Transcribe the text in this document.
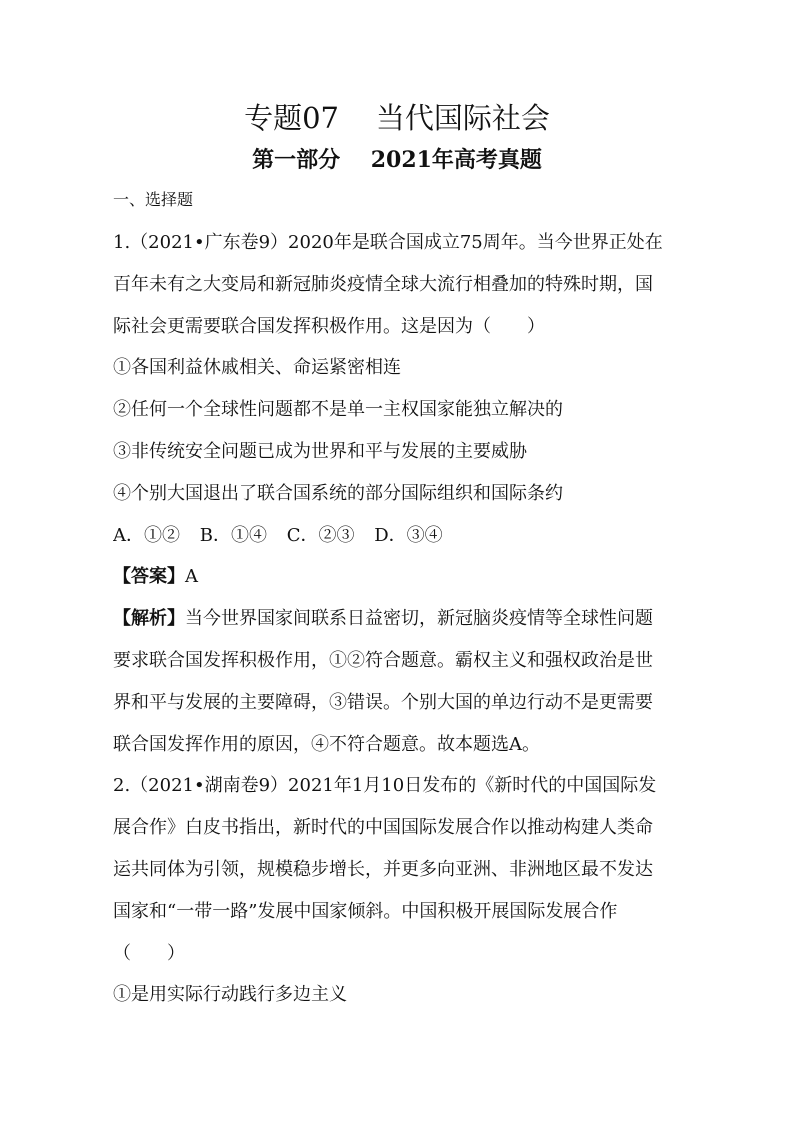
专题07    当代国际社会
第一部分    2021年高考真题
一、选择题
1.（2021•广东卷9）2020年是联合国成立75周年。当今世界正处在
百年未有之大变局和新冠肺炎疫情全球大流行相叠加的特殊时期，国
际社会更需要联合国发挥积极作用。这是因为（　　）
①各国利益休戚相关、命运紧密相连
②任何一个全球性问题都不是单一主权国家能独立解决的
③非传统安全问题已成为世界和平与发展的主要威胁
④个别大国退出了联合国系统的部分国际组织和国际条约
A．①② B．①④ C．②③ D．③④
【答案】A
【解析】当今世界国家间联系日益密切，新冠脑炎疫情等全球性问题
要求联合国发挥积极作用，①②符合题意。霸权主义和强权政治是世
界和平与发展的主要障碍，③错误。个别大国的单边行动不是更需要
联合国发挥作用的原因，④不符合题意。故本题选A。
2.（2021•湖南卷9）2021年1月10日发布的《新时代的中国国际发
展合作》白皮书指出，新时代的中国国际发展合作以推动构建人类命
运共同体为引领，规模稳步增长，并更多向亚洲、非洲地区最不发达
国家和“一带一路”发展中国家倾斜。中国积极开展国际发展合作
（　　）
①是用实际行动践行多边主义
